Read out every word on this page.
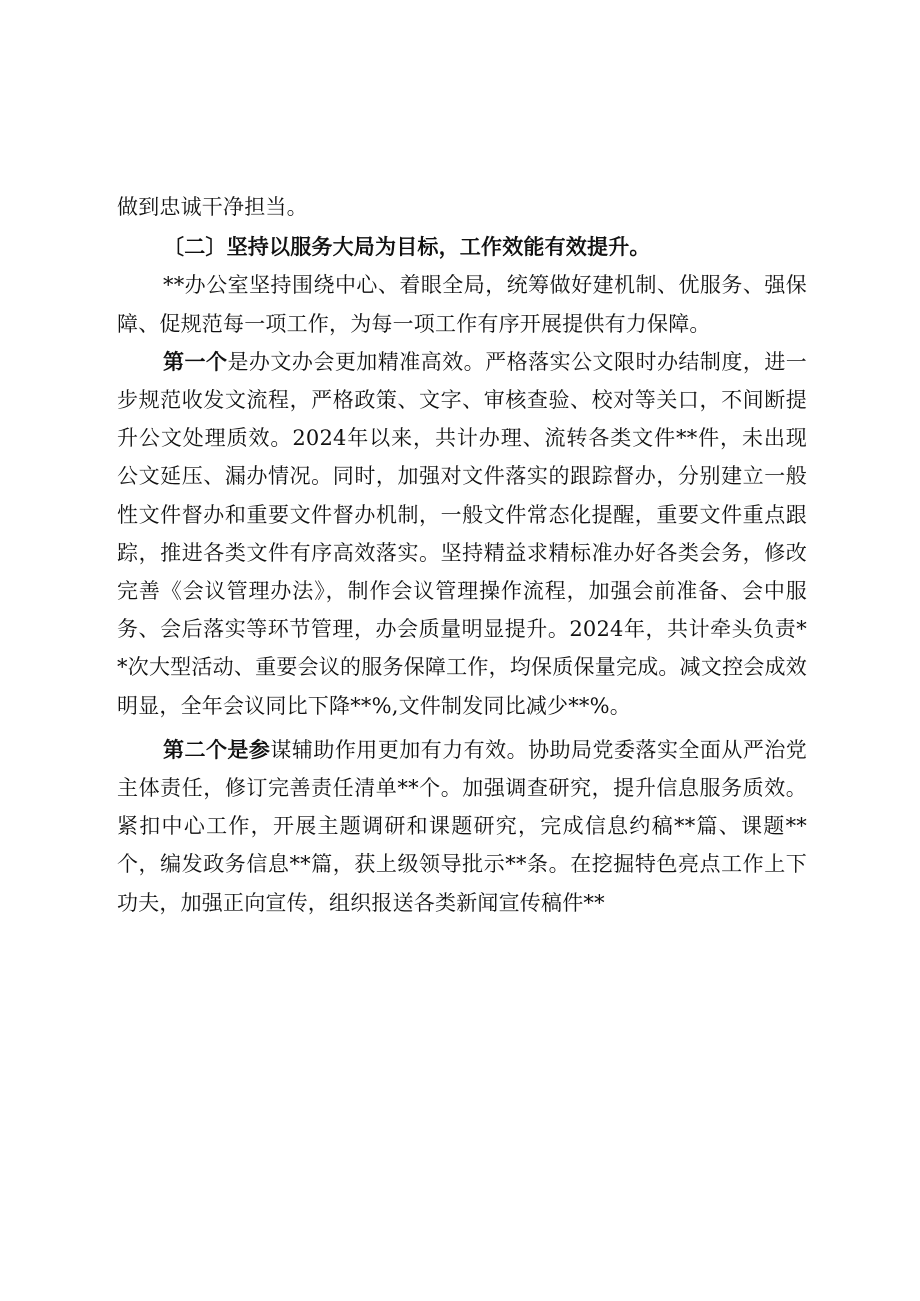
做到忠诚干净担当。

〔二〕坚持以服务大局为目标，工作效能有效提升。

**办公室坚持围绕中心、着眼全局，统筹做好建机制、优服务、强保障、促规范每一项工作，为每一项工作有序开展提供有力保障。

第一个是办文办会更加精准高效。严格落实公文限时办结制度，进一步规范收发文流程，严格政策、文字、审核查验、校对等关口，不间断提升公文处理质效。2024年以来，共计办理、流转各类文件**件，未出现公文延压、漏办情况。同时，加强对文件落实的跟踪督办，分别建立一般性文件督办和重要文件督办机制，一般文件常态化提醒，重要文件重点跟踪，推进各类文件有序高效落实。坚持精益求精标准办好各类会务，修改完善《会议管理办法》，制作会议管理操作流程，加强会前准备、会中服务、会后落实等环节管理，办会质量明显提升。2024年，共计牵头负责**次大型活动、重要会议的服务保障工作，均保质保量完成。减文控会成效明显，全年会议同比下降**%,文件制发同比减少**%。

第二个是参谋辅助作用更加有力有效。协助局党委落实全面从严治党主体责任，修订完善责任清单**个。加强调查研究，提升信息服务质效。紧扣中心工作，开展主题调研和课题研究，完成信息约稿**篇、课题**个，编发政务信息**篇，获上级领导批示**条。在挖掘特色亮点工作上下功夫，加强正向宣传，组织报送各类新闻宣传稿件**
